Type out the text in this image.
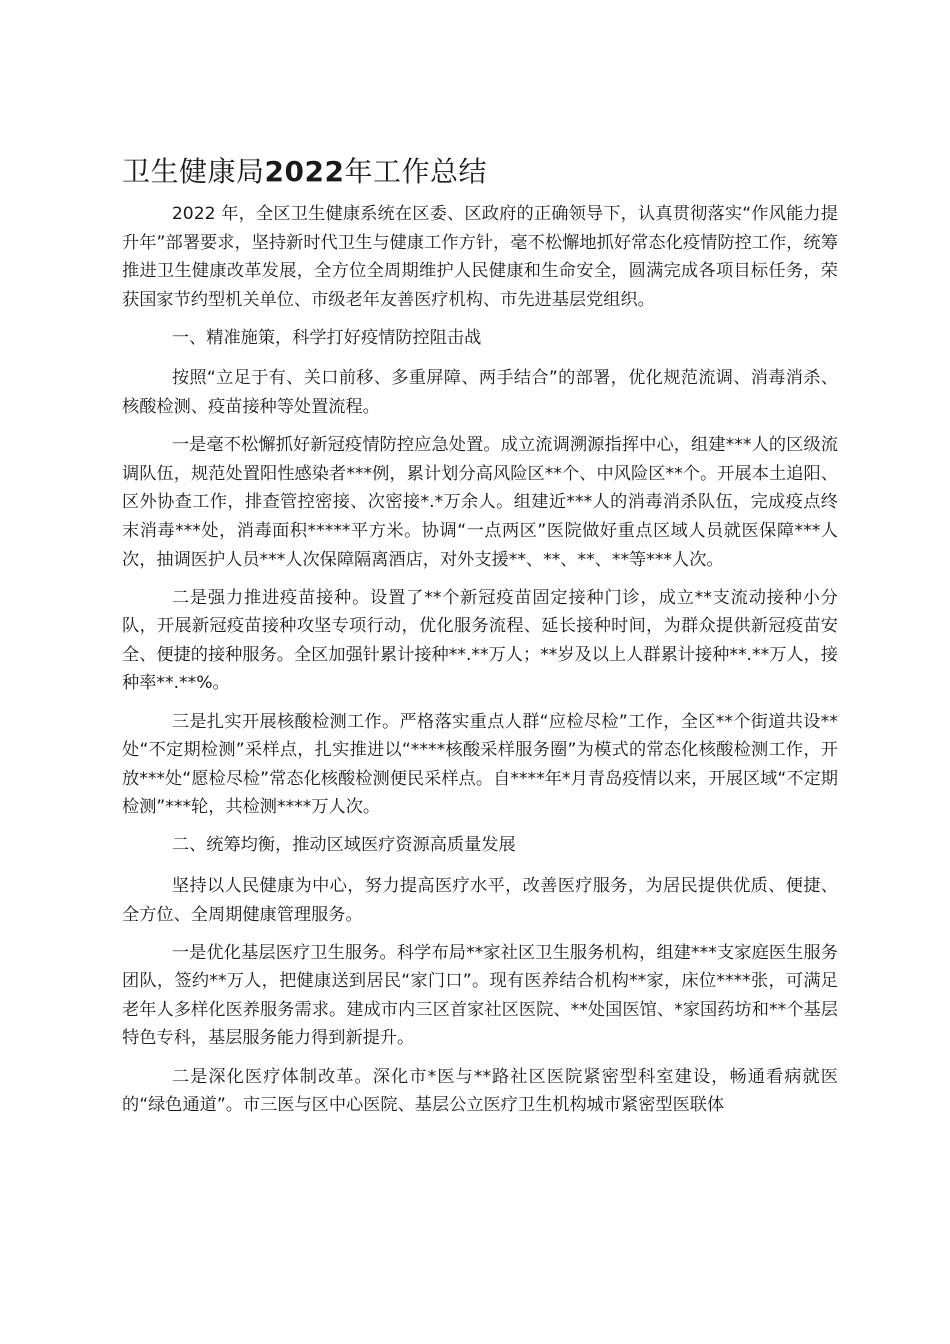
卫生健康局2022年工作总结

2022 年，全区卫生健康系统在区委、区政府的正确领导下，认真贯彻落实“作风能力提升年”部署要求，坚持新时代卫生与健康工作方针，毫不松懈地抓好常态化疫情防控工作，统筹推进卫生健康改革发展，全方位全周期维护人民健康和生命安全，圆满完成各项目标任务，荣获国家节约型机关单位、市级老年友善医疗机构、市先进基层党组织。

一、精准施策，科学打好疫情防控阻击战

按照“立足于有、关口前移、多重屏障、两手结合”的部署，优化规范流调、消毒消杀、核酸检测、疫苗接种等处置流程。

一是毫不松懈抓好新冠疫情防控应急处置。成立流调溯源指挥中心，组建***人的区级流调队伍，规范处置阳性感染者***例，累计划分高风险区**个、中风险区**个。开展本土追阳、区外协查工作，排查管控密接、次密接*.*万余人。组建近***人的消毒消杀队伍，完成疫点终末消毒***处，消毒面积*****平方米。协调“一点两区”医院做好重点区域人员就医保障***人次，抽调医护人员***人次保障隔离酒店，对外支援**、**、**、**等***人次。

二是强力推进疫苗接种。设置了**个新冠疫苗固定接种门诊，成立**支流动接种小分队，开展新冠疫苗接种攻坚专项行动，优化服务流程、延长接种时间，为群众提供新冠疫苗安全、便捷的接种服务。全区加强针累计接种**.**万人；**岁及以上人群累计接种**.**万人，接种率**.**%。

三是扎实开展核酸检测工作。严格落实重点人群“应检尽检”工作，全区**个街道共设**处“不定期检测”采样点，扎实推进以“****核酸采样服务圈”为模式的常态化核酸检测工作，开放***处“愿检尽检”常态化核酸检测便民采样点。自****年*月青岛疫情以来，开展区域“不定期检测”***轮，共检测****万人次。

二、统筹均衡，推动区域医疗资源高质量发展

坚持以人民健康为中心，努力提高医疗水平，改善医疗服务，为居民提供优质、便捷、全方位、全周期健康管理服务。

一是优化基层医疗卫生服务。科学布局**家社区卫生服务机构，组建***支家庭医生服务团队，签约**万人，把健康送到居民“家门口”。现有医养结合机构**家，床位****张，可满足老年人多样化医养服务需求。建成市内三区首家社区医院、**处国医馆、*家国药坊和**个基层特色专科，基层服务能力得到新提升。

二是深化医疗体制改革。深化市*医与**路社区医院紧密型科室建设，畅通看病就医的“绿色通道”。市三医与区中心医院、基层公立医疗卫生机构城市紧密型医联体
